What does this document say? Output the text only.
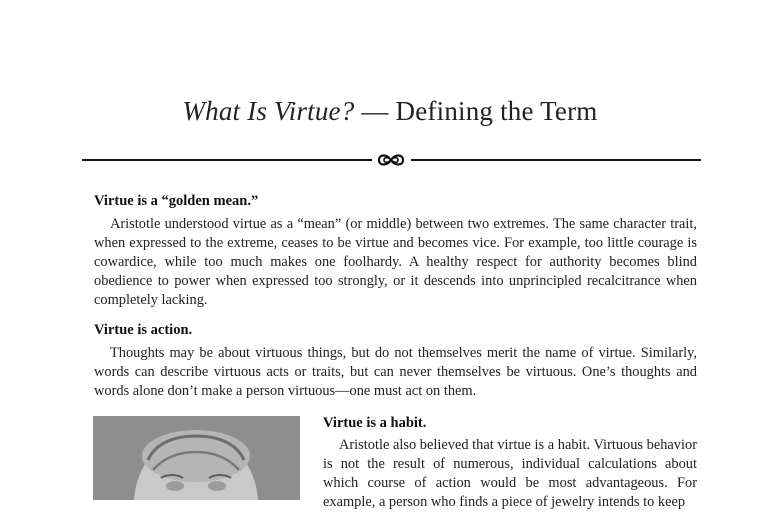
What Is Virtue? — Defining the Term
Virtue is a “golden mean.”
Aristotle understood virtue as a “mean” (or middle) between two extremes. The same character trait, when expressed to the extreme, ceases to be virtue and becomes vice. For example, too little courage is cowardice, while too much makes one foolhardy. A healthy respect for authority becomes blind obedience to power when expressed too strongly, or it descends into unprincipled recalcitrance when completely lacking.
Virtue is action.
Thoughts may be about virtuous things, but do not themselves merit the name of virtue. Similarly, words can describe virtuous acts or traits, but can never themselves be virtuous. One’s thoughts and words alone don’t make a person virtuous—one must act on them.
Virtue is a habit.
Aristotle also believed that virtue is a habit. Virtuous behavior is not the result of numerous, individual calculations about which course of action would be most advantageous. For example, a person who finds a piece of jewelry intends to keep
